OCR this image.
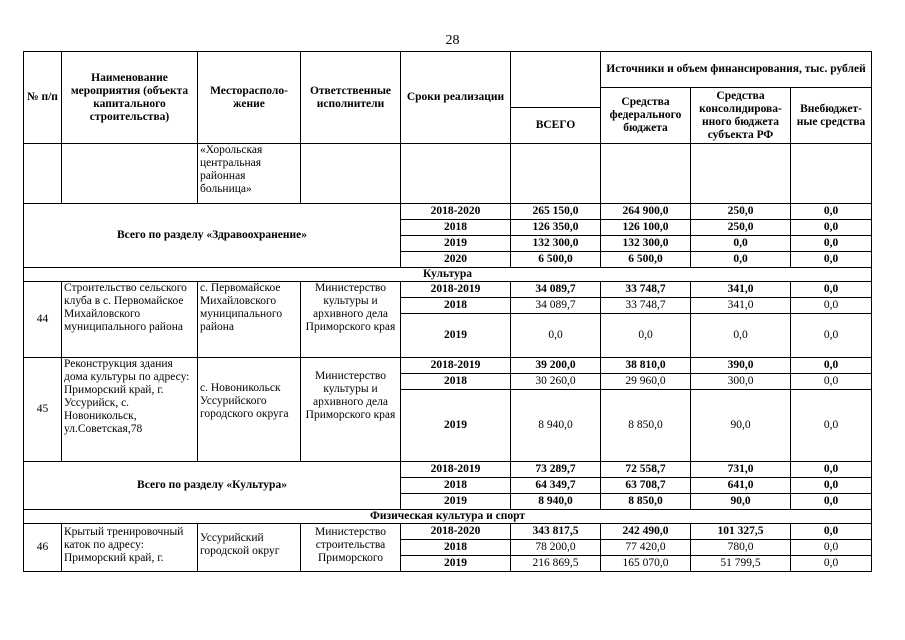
28
№ п/п	Наименование мероприятия (объекта капитального строительства)	Месторасполо- жение	Ответственные исполнители	Сроки реализации		Источники и объем финансирования, тыс. рублей		
						Средства федерального бюджета	Средства консолидирова- нного бюджета субъекта РФ	Внебюджет- ные средства
					ВСЕГО			
		«Хорольская центральная районная больница»						
Всего по разделу «Здравоохранение»				2018-2020	265 150,0	264 900,0	250,0	0,0
				2018	126 350,0	126 100,0	250,0	0,0
				2019	132 300,0	132 300,0	0,0	0,0
				2020	6 500,0	6 500,0	0,0	0,0
Культура								
44	Строительство сельского клуба в с. Первомайское Михайловского муниципального района	с. Первомайское Михайловского муниципального района	Министерство культуры и архивного дела Приморского края	2018-2019	34 089,7	33 748,7	341,0	0,0
				2018	34 089,7	33 748,7	341,0	0,0
				2019	0,0	0,0	0,0	0,0
45	Реконструкция здания дома культуры по адресу: Приморский край, г. Уссурийск, с. Новоникольск, ул.Советская,78	с. Новоникольск Уссурийского городского округа	Министерство культуры и архивного дела Приморского края	2018-2019	39 200,0	38 810,0	390,0	0,0
				2018	30 260,0	29 960,0	300,0	0,0
				2019	8 940,0	8 850,0	90,0	0,0
Всего по разделу «Культура»				2018-2019	73 289,7	72 558,7	731,0	0,0
				2018	64 349,7	63 708,7	641,0	0,0
				2019	8 940,0	8 850,0	90,0	0,0
Физическая культура и спорт								
46	Крытый тренировочный каток по адресу: Приморский край, г.	Уссурийский городской округ	Министерство строительства Приморского	2018-2020	343 817,5	242 490,0	101 327,5	0,0
				2018	78 200,0	77 420,0	780,0	0,0
				2019	216 869,5	165 070,0	51 799,5	0,0
